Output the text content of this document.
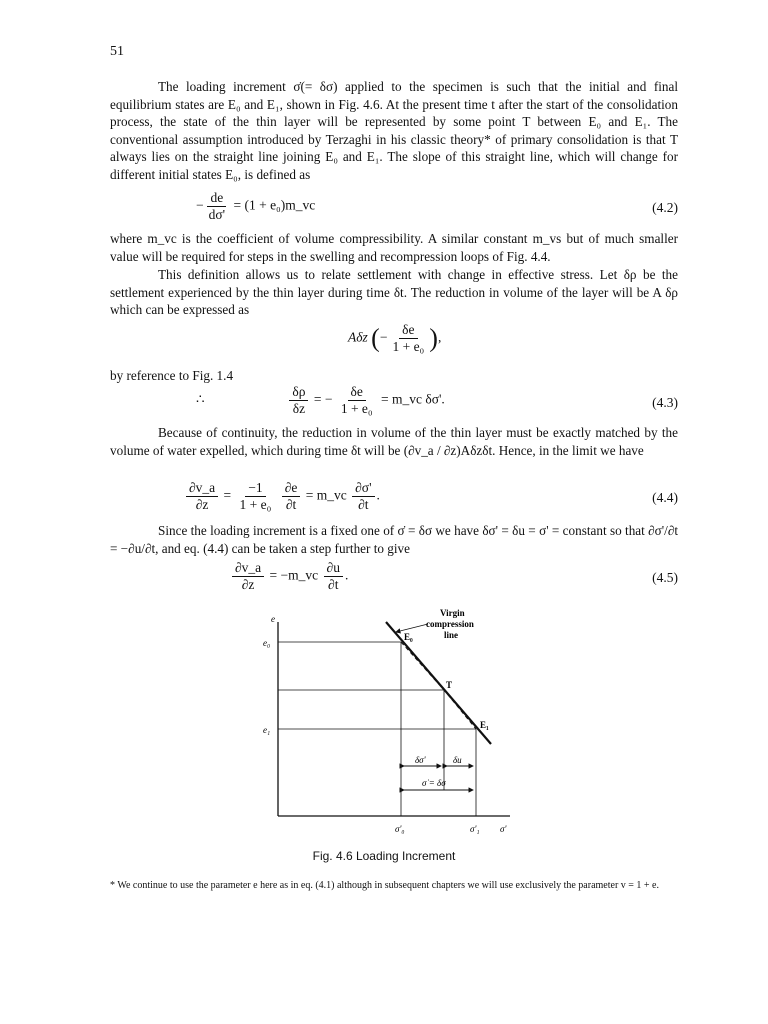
51

The loading increment σ̇(= δσ) applied to the specimen is such that the initial and final equilibrium states are E₀ and E₁, shown in Fig. 4.6. At the present time t after the start of the consolidation process, the state of the thin layer will be represented by some point T between E₀ and E₁. The conventional assumption introduced by Terzaghi in his classic theory* of primary consolidation is that T always lies on the straight line joining E₀ and E₁. The slope of this straight line, which will change for different initial states E₀, is defined as

− $\frac{de}{d\sigma'} = (1$ + e₀)m_vc	(4.2)

where m_vc is the coefficient of volume compressibility. A similar constant m_vs but of much smaller value will be required for steps in the swelling and recompression loops of Fig. 4.4.

This definition allows us to relate settlement with change in effective stress. Let δρ be the settlement experienced by the thin layer during time δt. The reduction in volume of the layer will be A δρ which can be expressed as

Aδz (− $\frac{\delta e}{\text{1 + e₀}}$ ),
by reference to Fig. 1.4
∴	$\frac{\delta\rho}{\delta z}$ = − $\frac{\delta e}{\text{1 + e₀}}$ = m_vc δσ'.	(4.3)

Because of continuity, the reduction in volume of the thin layer must be exactly matched by the volume of water expelled, which during time δt will be (∂v_a / ∂z)Aδzδt. Hence, in the limit we have

$\frac{\partial v\_a}{\partial z} = \frac{-1}{\text{1 + e₀}}$
$\frac{\partial e}{\partial t}$ = m_vc $\frac{\partial\sigma'}{\partial t}$ .	(4.4)

Since the loading increment is a fixed one of σ̇ = δσ we have δσ' = δu = σ' = constant so that ∂σ'/∂t = −∂u/∂t, and eq. (4.4) can be taken a step further to give

$\frac{\partial v\_a}{\partial z}$ = −m_vc $\frac{\partial u}{\partial t}$ .	(4.5)
e
σ'
e₀
e₁
E₀
T
E₁
Virgin
compression
line
δσ'	δu
σ̇ = δσ
σ'₀	σ'₁
Fig. 4.6 Loading Increment

* We continue to use the parameter e here as in eq. (4.1) although in subsequent chapters we will use exclusively the parameter v = 1 + e.
